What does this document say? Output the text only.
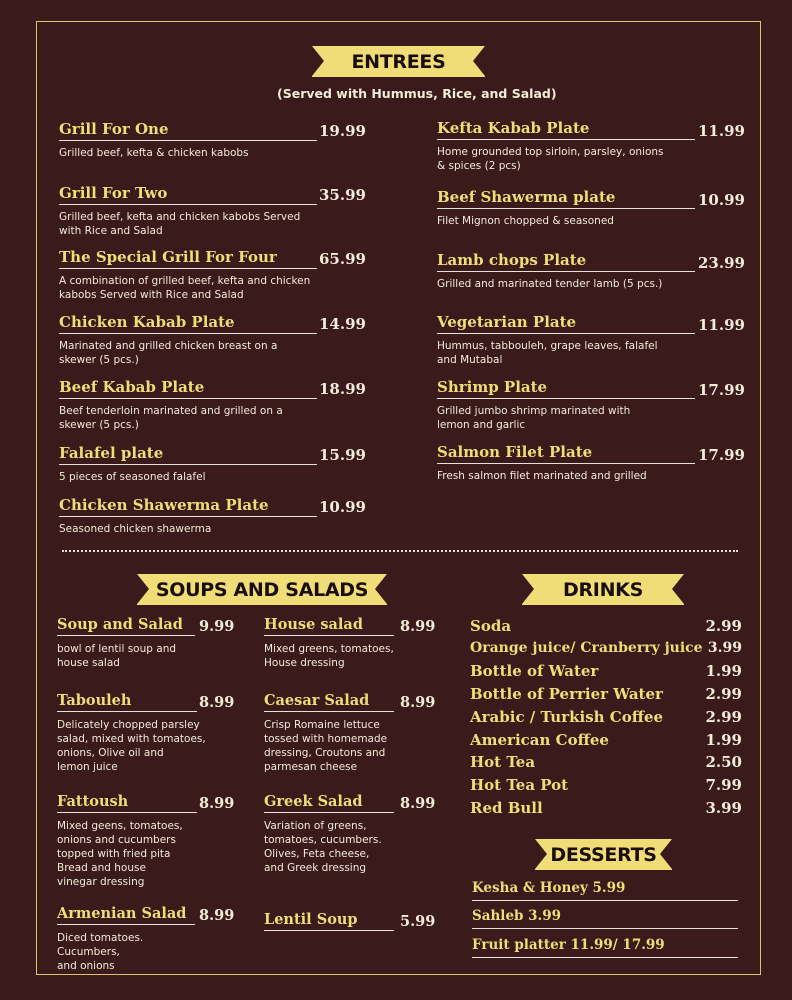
ENTREES
(Served with Hummus, Rice, and Salad)
Grill For One	19.99
Grilled beef, kefta & chicken kabobs
Grill For Two	35.99
Grilled beef, kefta and chicken kabobs Served
with Rice and Salad
The Special Grill For Four	65.99
A combination of grilled beef, kefta and chicken
kabobs Served with Rice and Salad
Chicken Kabab Plate	14.99
Marinated and grilled chicken breast on a
skewer (5 pcs.)
Beef Kabab Plate	18.99
Beef tenderloin marinated and grilled on a
skewer (5 pcs.)
Falafel plate	15.99
5 pieces of seasoned falafel
Chicken Shawerma Plate	10.99
Seasoned chicken shawerma
Kefta Kabab Plate	11.99
Home grounded top sirloin, parsley, onions
& spices (2 pcs)
Beef Shawerma plate	10.99
Filet Mignon chopped & seasoned
Lamb chops Plate	23.99
Grilled and marinated tender lamb (5 pcs.)
Vegetarian Plate	11.99
Hummus, tabbouleh, grape leaves, falafel
and Mutabal
Shrimp Plate	17.99
Grilled jumbo shrimp marinated with
lemon and garlic
Salmon Filet Plate	17.99
Fresh salmon filet marinated and grilled
SOUPS AND SALADS
Soup and Salad	9.99
bowl of lentil soup and
house salad
Tabouleh	8.99
Delicately chopped parsley
salad, mixed with tomatoes,
onions, Olive oil and
lemon juice
Fattoush	8.99
Mixed geens, tomatoes,
onions and cucumbers
topped with fried pita
Bread and house
vinegar dressing
Armenian Salad 8.99
Diced tomatoes. Cucumbers,
and onions
House salad	8.99
Mixed greens, tomatoes,
House dressing
Caesar Salad	8.99
Crisp Romaine lettuce
tossed with homemade
dressing, Croutons and
parmesan cheese
Greek Salad	8.99
Variation of greens,
tomatoes, cucumbers.
Olives, Feta cheese,
and Greek dressing
Lentil Soup	5.99
DRINKS
Soda	2.99
Orange juice/ Cranberry juice 3.99
Bottle of Water	1.99
Bottle of Perrier Water	2.99
Arabic / Turkish Coffee	2.99
American Coffee	1.99
Hot Tea	2.50
Hot Tea Pot	7.99
Red Bull	3.99
DESSERTS
Kesha & Honey 5.99
Sahleb 3.99
Fruit platter 11.99/ 17.99
